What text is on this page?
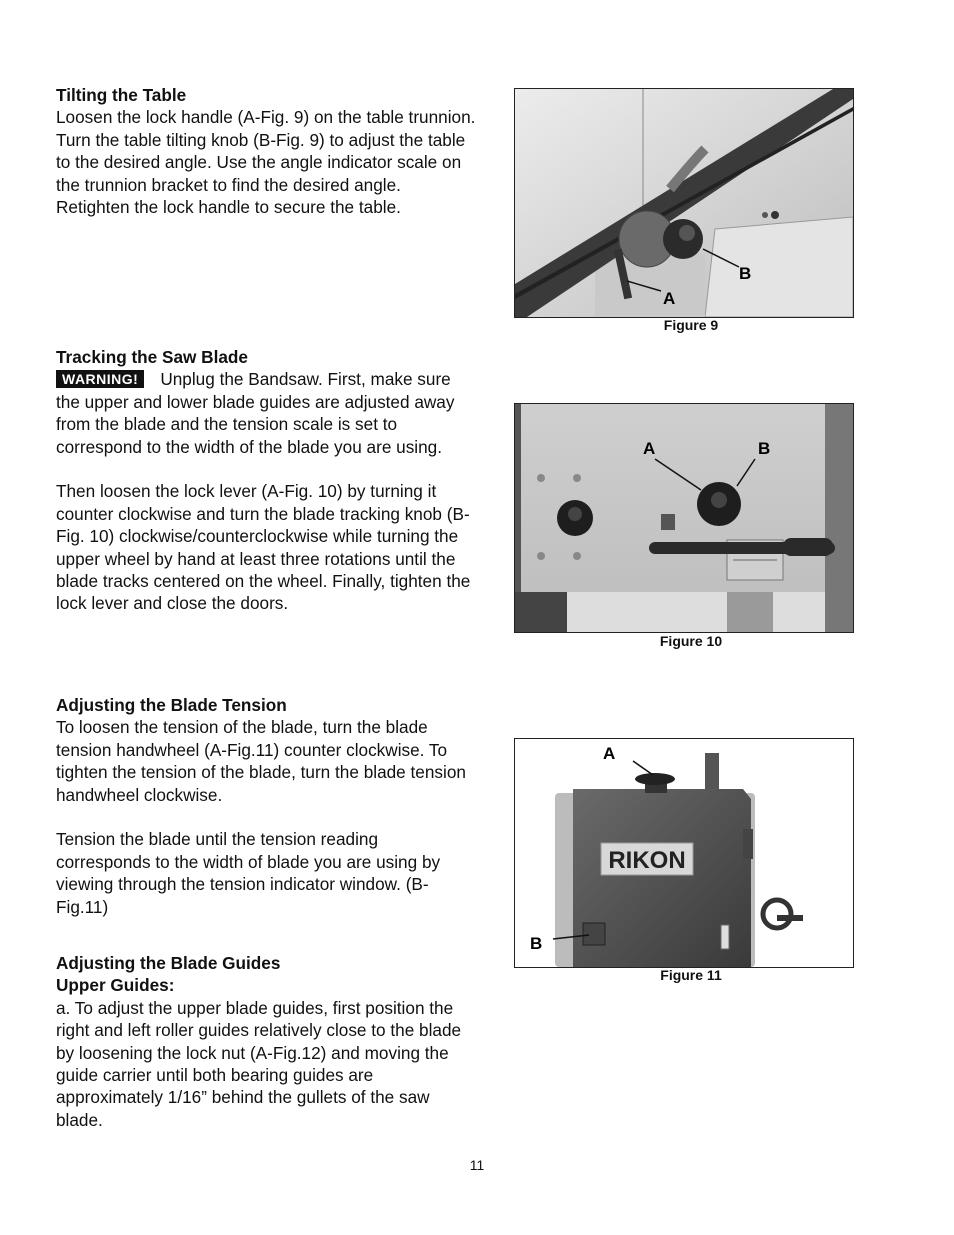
Tilting the Table

Loosen the lock handle (A-Fig. 9) on the table trunnion. Turn the table tilting knob (B-Fig. 9) to adjust the table to the desired angle. Use the angle indicator scale on the trunnion bracket to find the desired angle. Retighten the lock handle to secure the table.

Tracking the Saw Blade

WARNING! Unplug the Bandsaw. First, make sure the upper and lower blade guides are adjusted away from the blade and the tension scale is set to correspond to the width of the blade you are using.

Then loosen the lock lever (A-Fig. 10) by turning it counter clockwise and turn the blade tracking knob (B-Fig. 10) clockwise/counterclockwise while turning the upper wheel by hand at least three rotations until the blade tracks centered on the wheel. Finally, tighten the lock lever and close the doors.

Adjusting the Blade Tension

To loosen the tension of the blade, turn the blade tension handwheel (A-Fig.11) counter clockwise. To tighten the tension of the blade, turn the blade tension handwheel clockwise.

Tension the blade until the tension reading corresponds to the width of blade you are using by viewing through the tension indicator window. (B-Fig.11)

Adjusting the Blade Guides
Upper Guides:

a. To adjust the upper blade guides, first position the right and left roller guides relatively close to the blade by loosening the lock nut (A-Fig.12) and moving the guide carrier until both bearing guides are approximately 1/16” behind the gullets of the saw blade.

B
A
Figure 9
A	B
Figure 10
RIKON
A
B
Figure 11
11
